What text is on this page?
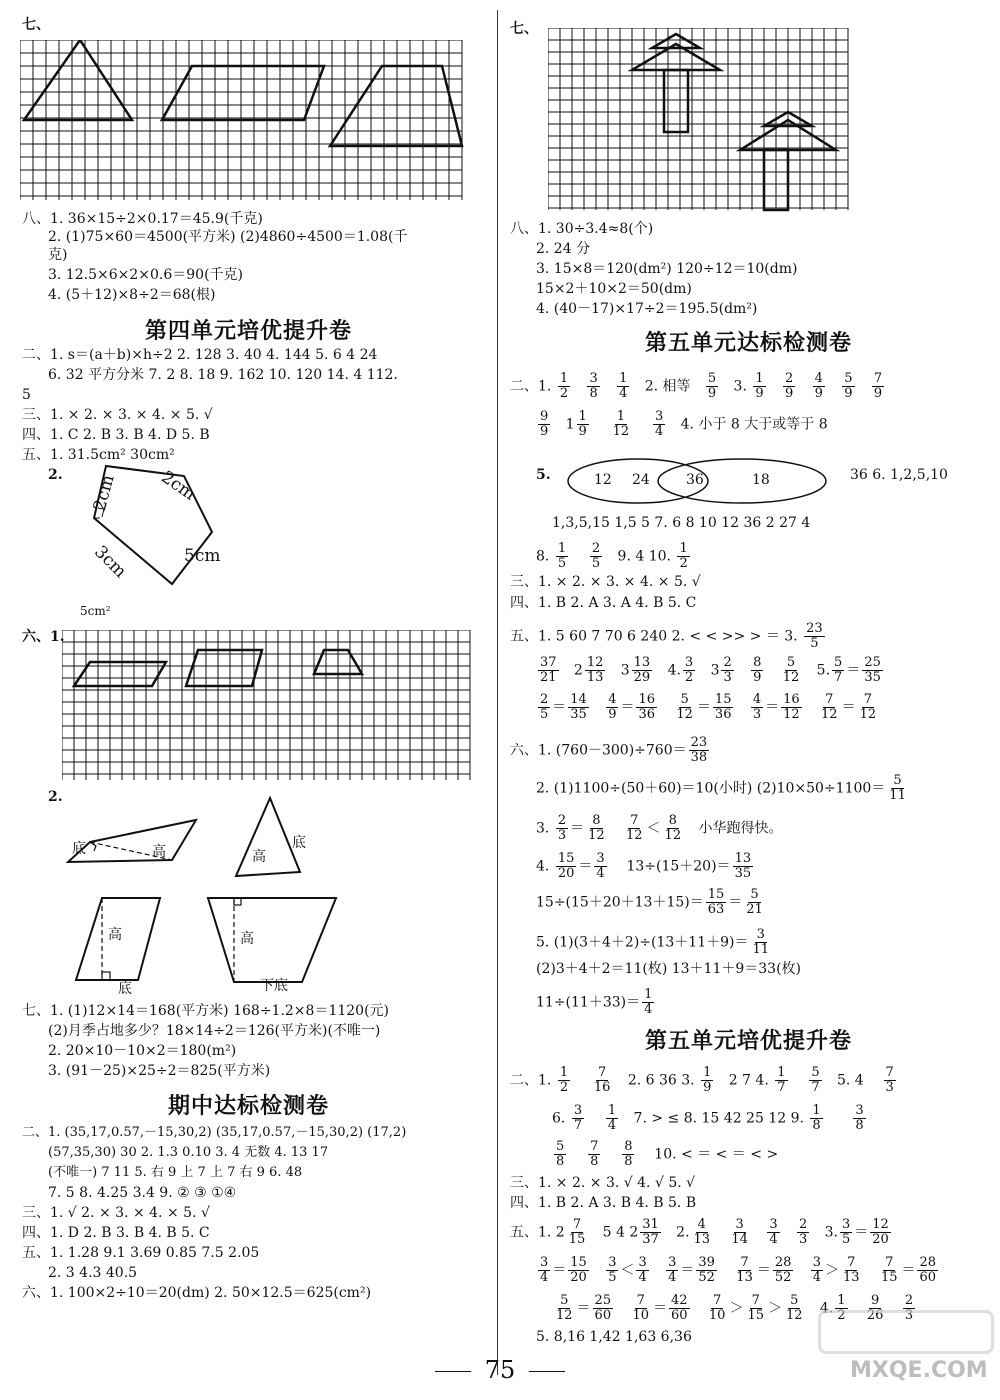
七、
八、1. 36×15÷2×0.17＝45.9(千克)
2. (1)75×60＝4500(平方米) (2)4860÷4500＝1.08(千
克)
3. 12.5×6×2×0.6＝90(千克)
4. (5＋12)×8÷2＝68(根)
第四单元培优提升卷
二、1. s＝(a＋b)×h÷2 2. 128 3. 40 4. 144 5. 6 4 24
6. 32 平方分米 7. 2 8. 18 9. 162 10. 120 14. 4 112.
5
三、1. × 2. × 3. × 4. × 5. √
四、1. C 2. B 3. B 4. D 5. B
五、1. 31.5cm² 30cm²
2. 2cm 2cm
3cm	5cm
5cm²
六、1.
2.
底	高
底
高
高
底
高
下底
七、1. (1)12×14＝168(平方米) 168÷1.2×8＝1120(元)
(2)月季占地多少？18×14÷2＝126(平方米)(不唯一)
2. 20×10－10×2＝180(m²)
3. (91－25)×25÷2＝825(平方米)
期中达标检测卷
二、1. (35,17,0.57,－15,30,2) (35,17,0.57,－15,30,2) (17,2)
(57,35,30) 30 2. 1.3 0.10 3. 4 无数 4. 13 17
(不唯一) 7 11 5. 右 9 上 7 上 7 右 9 6. 48
7. 5 8. 4.25 3.4 9. ② ③ ①④
三、1. √ 2. × 3. × 4. × 5. √
四、1. D 2. B 3. B 4. B 5. C
五、1. 1.28 9.1 3.69 0.85 7.5 2.05
2. 3 4.3 40.5
六、1. 100×2÷10＝20(dm) 2. 50×12.5＝625(cm²)
七、
八、1. 30÷3.4≈8(个)
2. 24 分
3. 15×8＝120(dm²) 120÷12＝10(dm)
15×2＋10×2＝50(dm)
4. (40－17)×17÷2＝195.5(dm²)
第五单元达标检测卷
二、1. $\frac{1}{2}$
$\frac{3}{8}$
$\frac{1}{4} 2$. 相等 $\frac{5}{9} 3$. $\frac{1}{9}$
$\frac{2}{9}$
$\frac{4}{9}$
$\frac{5}{9}$
$\frac{7}{9}$
$\frac{9}{9} 1 \frac{1}{9}$
$\frac{1}{12}$
$\frac{3}{4} 4$. 小于 8 大于或等于 8
5.	12 24	36	18	36 6. 1,2,5,10
1,3,5,15 1,5 5 7. 6 8 10 12 36 2 27 4
8. $\frac{1}{5}$
$\frac{2}{5} 9$. 4 10. $\frac{1}{2}$
三、1. × 2. × 3. × 4. × 5. √
四、1. B 2. A 3. A 4. B 5. C
五、1. 5 60 7 70 6 240 2. < < >> > ＝ 3. $\frac{23}{5}$
$\frac{37}{21} 2 \frac{12}{13} 3 \frac{13}{29} 4$. $\frac{3}{2} 3 \frac{2}{3}$
$\frac{8}{9}$
$\frac{5}{12} 5$. $\frac{5}{7} = \frac{25}{35}$
$\frac{2}{5} = \frac{14}{35}$
$\frac{4}{9} = \frac{16}{36}$
$\frac{5}{12} = \frac{15}{36}$
$\frac{4}{3} = \frac{16}{12}$
$\frac{7}{12} = \frac{7}{12}$
六、1. $(760-300)\div 760= \frac{23}{38}$
2. (1)1100÷(50＋60)＝10(小时) $(2)10\times 50\div 1100= \frac{5}{11}$
3. $\frac{2}{3} = \frac{8}{12}$
$\frac{7}{12} < \frac{8}{12}$ 小华跑得快。
4. $\frac{15}{20} = \frac{3}{4} 13\div(15+20)= \frac{13}{35}$
$15\div(15+20+13+15)= \frac{15}{63} = \frac{5}{21}$
5. $(1)(3+4+2)\div(13+11+9)= \frac{3}{11}$
(2)3＋4＋2＝11(枚) 13＋11＋9＝33(枚)
$11\div(11+33)= \frac{1}{4}$
第五单元培优提升卷
二、1. $\frac{1}{2}$
$\frac{7}{16} 2$. 6 36 3. $\frac{1}{9} 2$ 7 4. $\frac{1}{7}$
$\frac{5}{7} 5$. $4 \frac{7}{3}$
6. $\frac{3}{7}$
$\frac{1}{4} 7$. > ≤ 8. 15 42 25 12 9. $\frac{1}{8}$
$\frac{3}{8}$
$\frac{5}{8}$
$\frac{7}{8}$
$\frac{8}{8} 10$. < ＝ < ＝ < >
三、1. × 2. × 3. √ 4. √ 5. √
四、1. B 2. A 3. B 4. B 5. B
五、1. $2 \frac{7}{15} 5$ 4 $2 \frac{31}{37} 2$. $\frac{4}{13}$
$\frac{3}{14}$
$\frac{3}{4}$
$\frac{2}{3} 3$. $\frac{3}{5} = \frac{12}{20}$
$\frac{3}{4} = \frac{15}{20}$
$\frac{3}{5} < \frac{3}{4}$
$\frac{3}{4} = \frac{39}{52}$
$\frac{7}{13} = \frac{28}{52}$
$\frac{3}{4} > \frac{7}{13}$
$\frac{7}{15} = \frac{28}{60}$
$\frac{5}{12} = \frac{25}{60}$
$\frac{7}{10} = \frac{42}{60}$
$\frac{7}{10} > \frac{7}{15} > \frac{5}{12} 4$. $\frac{1}{2}$
$\frac{9}{26}$
$\frac{2}{3}$
5. 8,16 1,42 1,63 6,36
75	MXQE.COM
